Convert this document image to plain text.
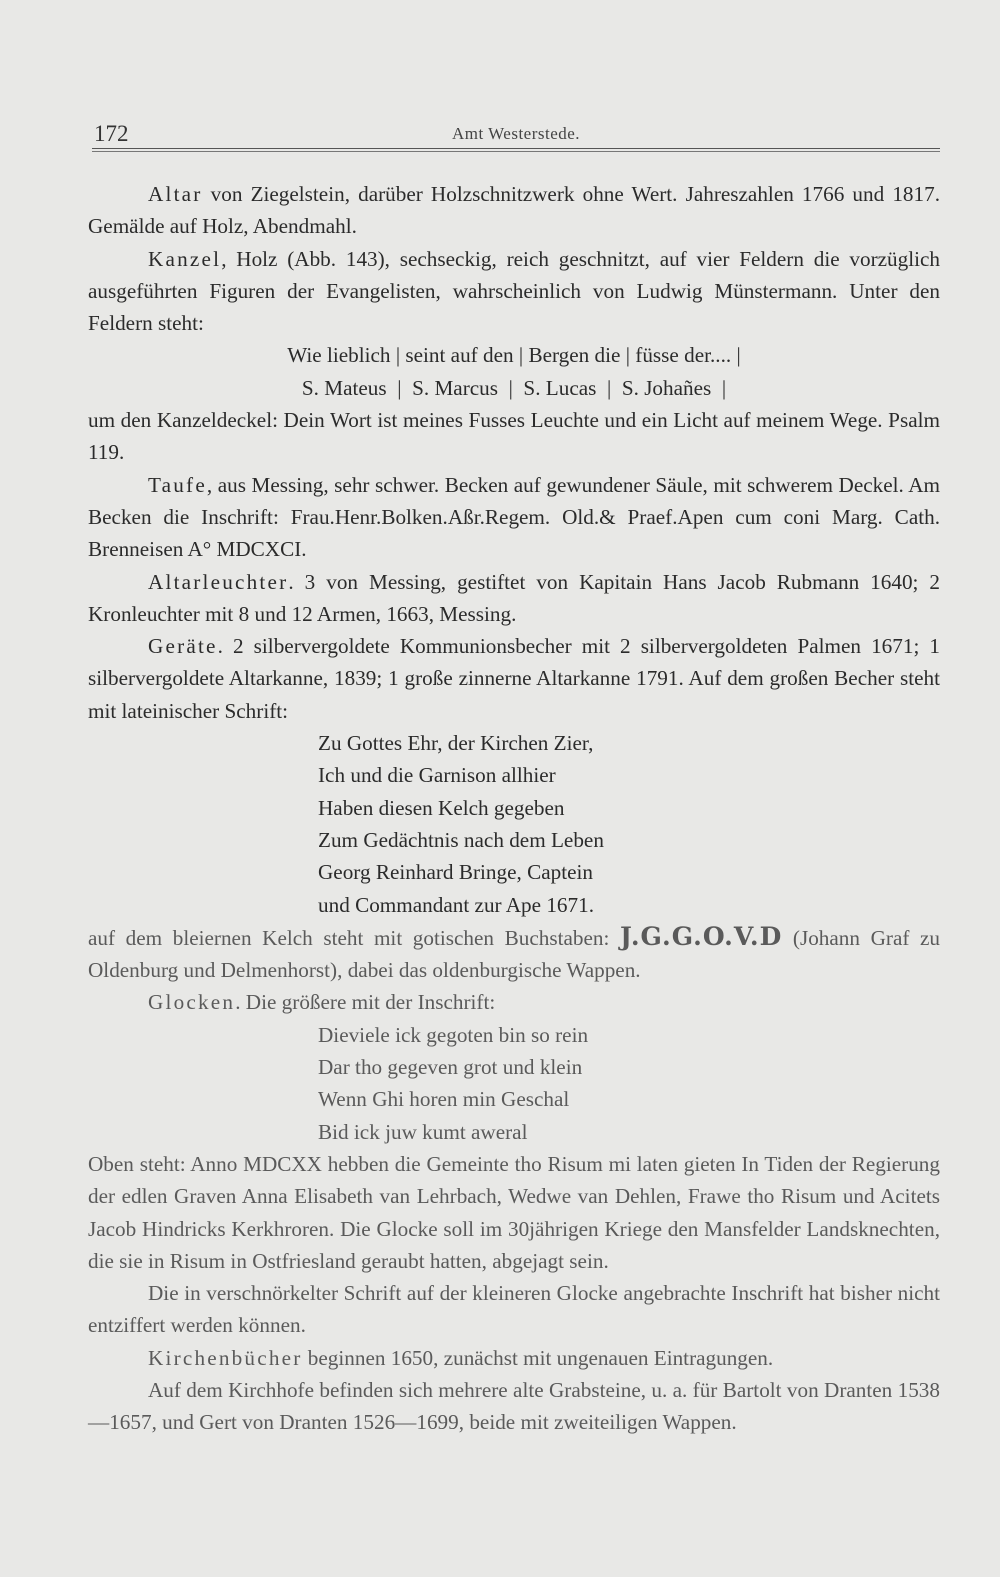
172	Amt Westerstede.

Altar von Ziegelstein, darüber Holzschnitzwerk ohne Wert. Jahreszahlen 1766 und 1817. Gemälde auf Holz, Abendmahl.

Kanzel, Holz (Abb. 143), sechseckig, reich geschnitzt, auf vier Feldern die vorzüglich ausgeführten Figuren der Evangelisten, wahrscheinlich von Ludwig Münstermann. Unter den Feldern steht:

Wie lieblich | seint auf den | Bergen die | füsse der.... |
S. Mateus  |  S. Marcus  |  S. Lucas  |  S. Johañes  |

um den Kanzeldeckel: Dein Wort ist meines Fusses Leuchte und ein Licht auf meinem Wege. Psalm 119.

Taufe, aus Messing, sehr schwer. Becken auf gewundener Säule, mit schwerem Deckel. Am Becken die Inschrift: Frau.Henr.Bolken.Aßr.Regem. Old.& Praef.Apen cum coni Marg. Cath. Brenneisen A° MDCXCI.

Altarleuchter. 3 von Messing, gestiftet von Kapitain Hans Jacob Rubmann 1640; 2 Kronleuchter mit 8 und 12 Armen, 1663, Messing.

Geräte. 2 silbervergoldete Kommunionsbecher mit 2 silbervergoldeten Palmen 1671; 1 silbervergoldete Altarkanne, 1839; 1 große zinnerne Altarkanne 1791. Auf dem großen Becher steht mit lateinischer Schrift:

Zu Gottes Ehr, der Kirchen Zier,
Ich und die Garnison allhier
Haben diesen Kelch gegeben
Zum Gedächtnis nach dem Leben
Georg Reinhard Bringe, Captein
und Commandant zur Ape 1671.

auf dem bleiernen Kelch steht mit gotischen Buchstaben: J.G.G.O.V.D (Johann Graf zu Oldenburg und Delmenhorst), dabei das oldenburgische Wappen.

Glocken. Die größere mit der Inschrift:

Dieviele ick gegoten bin so rein
Dar tho gegeven grot und klein
Wenn Ghi horen min Geschal
Bid ick juw kumt aweral

Oben steht: Anno MDCXX hebben die Gemeinte tho Risum mi laten gieten In Tiden der Regierung der edlen Graven Anna Elisabeth van Lehrbach, Wedwe van Dehlen, Frawe tho Risum und Acitets Jacob Hindricks Kerkhroren. Die Glocke soll im 30jährigen Kriege den Mansfelder Landsknechten, die sie in Risum in Ostfriesland geraubt hatten, abgejagt sein.

Die in verschnörkelter Schrift auf der kleineren Glocke angebrachte Inschrift hat bisher nicht entziffert werden können.

Kirchenbücher beginnen 1650, zunächst mit ungenauen Eintragungen.

Auf dem Kirchhofe befinden sich mehrere alte Grabsteine, u. a. für Bartolt von Dranten 1538—1657, und Gert von Dranten 1526—1699, beide mit zweiteiligen Wappen.
